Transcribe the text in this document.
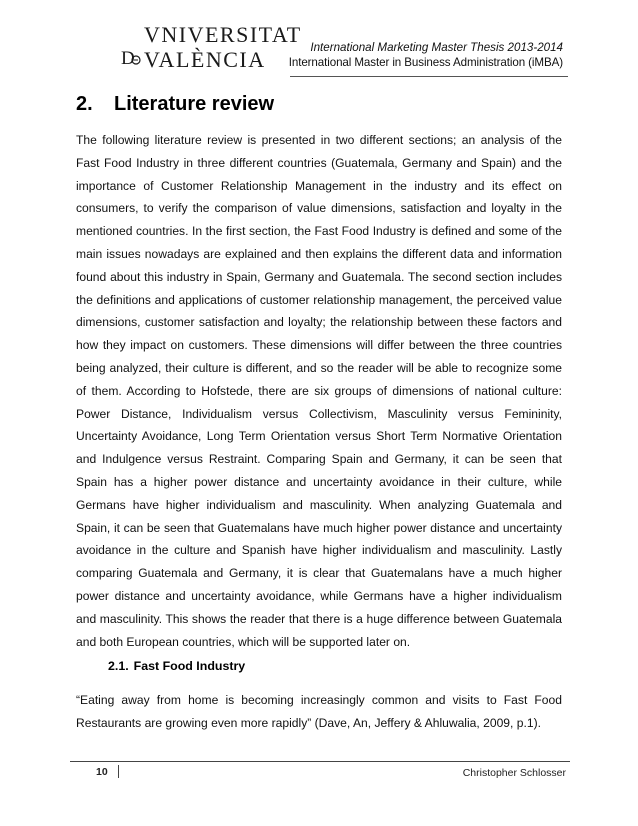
VNIVERSITAT
D VALÈNCIA	International Marketing Master Thesis 2013-2014
International Master in Business Administration (iMBA)
2. Literature review

The following literature review is presented in two different sections; an analysis of the Fast Food Industry in three different countries (Guatemala, Germany and Spain) and the importance of Customer Relationship Management in the industry and its effect on consumers, to verify the comparison of value dimensions, satisfaction and loyalty in the mentioned countries. In the first section, the Fast Food Industry is defined and some of the main issues nowadays are explained and then explains the different data and information found about this industry in Spain, Germany and Guatemala. The second section includes the definitions and applications of customer relationship management, the perceived value dimensions, customer satisfaction and loyalty; the relationship between these factors and how they impact on customers. These dimensions will differ between the three countries being analyzed, their culture is different, and so the reader will be able to recognize some of them. According to Hofstede, there are six groups of dimensions of national culture: Power Distance, Individualism versus Collectivism, Masculinity versus Femininity, Uncertainty Avoidance, Long Term Orientation versus Short Term Normative Orientation and Indulgence versus Restraint. Comparing Spain and Germany, it can be seen that Spain has a higher power distance and uncertainty avoidance in their culture, while Germans have higher individualism and masculinity. When analyzing Guatemala and Spain, it can be seen that Guatemalans have much higher power distance and uncertainty avoidance in the culture and Spanish have higher individualism and masculinity. Lastly comparing Guatemala and Germany, it is clear that Guatemalans have a much higher power distance and uncertainty avoidance, while Germans have a higher individualism and masculinity. This shows the reader that there is a huge difference between Guatemala and both European countries, which will be supported later on.

2.1. Fast Food Industry

“Eating away from home is becoming increasingly common and visits to Fast Food Restaurants are growing even more rapidly” (Dave, An, Jeffery & Ahluwalia, 2009, p.1).

10	Christopher Schlosser
